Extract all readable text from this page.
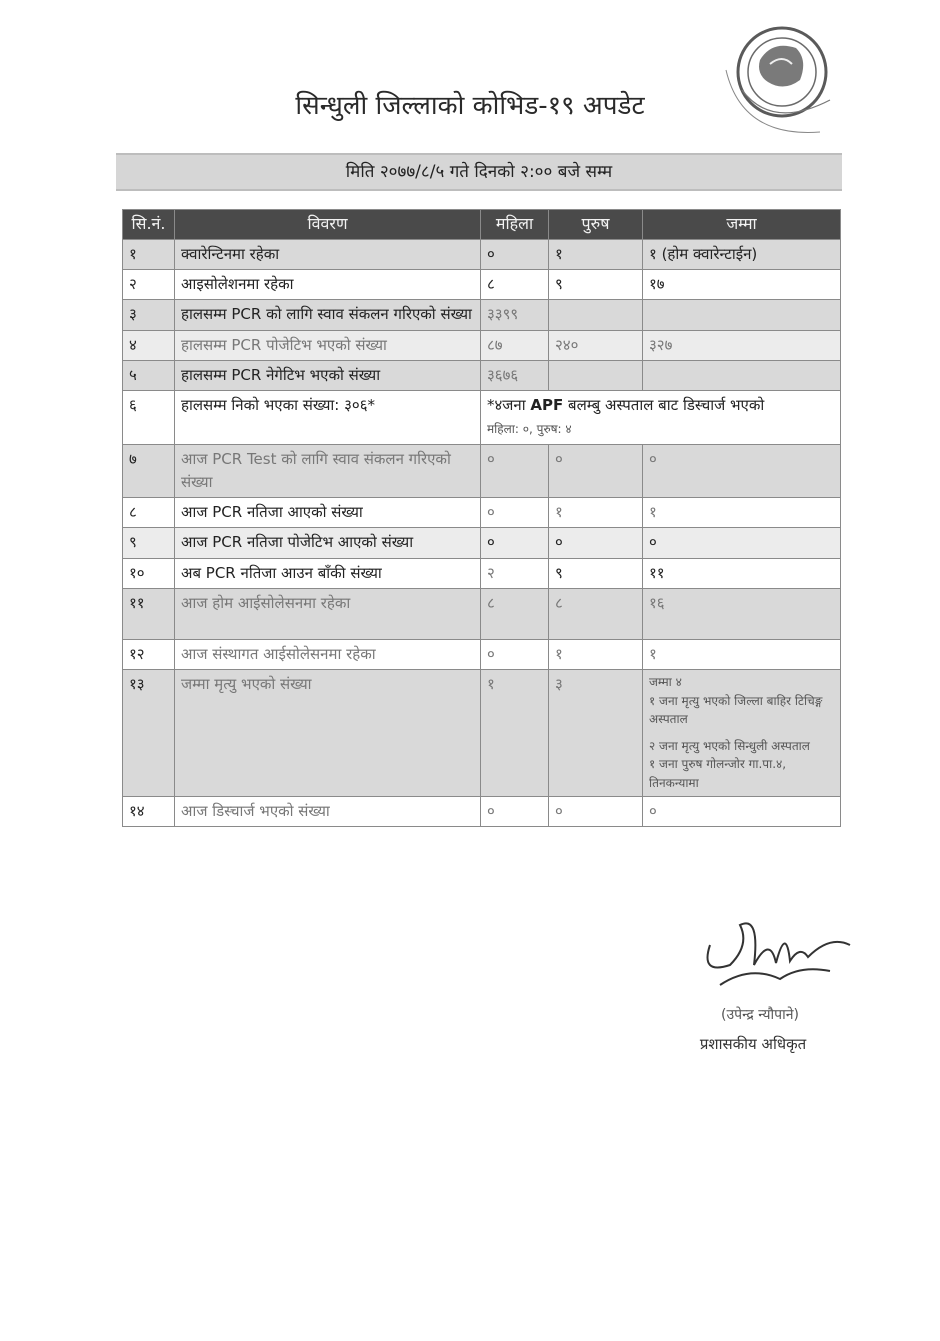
सिन्धुली जिल्लाको कोभिड-१९ अपडेट
मिति २०७७/८/५ गते दिनको २:०० बजे सम्म
सि.नं.	विवरण	महिला	पुरुष	जम्मा
१	क्वारेन्टिनमा रहेका	०	१	१ (होम क्वारेन्टाईन)
२	आइसोलेशनमा रहेका	८	९	१७
३	हालसम्म PCR को लागि स्वाव संकलन गरिएको संख्या	३३९९		
४	हालसम्म PCR पोजेटिभ भएको संख्या	८७	२४०	३२७
५	हालसम्म PCR नेगेटिभ भएको संख्या	३६७६		
६	हालसम्म निको भएका संख्या: ३०६*	*४जना APF बलम्बु अस्पताल बाट डिस्चार्ज भएको
महिला: ०, पुरुष: ४		
७	आज PCR Test को लागि स्वाव संकलन गरिएको संख्या	०	०	०
८	आज PCR नतिजा आएको संख्या	०	१	१
९	आज PCR नतिजा पोजेटिभ आएको संख्या	०	०	०
१०	अब PCR नतिजा आउन बाँकी संख्या	२	९	११
११	आज होम आईसोलेसनमा रहेका	८	८	१६
१२	आज संस्थागत आईसोलेसनमा रहेका	०	१	१
१३	जम्मा मृत्यु भएको संख्या	१	३	जम्मा ४
१ जना मृत्यु भएको जिल्ला बाहिर टिचिङ्ग अस्पताल
२ जना मृत्यु भएको सिन्धुली अस्पताल
१ जना पुरुष गोलन्जोर गा.पा.४, तिनकन्यामा

१४	आज डिस्चार्ज भएको संख्या	०	०	०
(उपेन्द्र न्यौपाने)
प्रशासकीय अधिकृत
